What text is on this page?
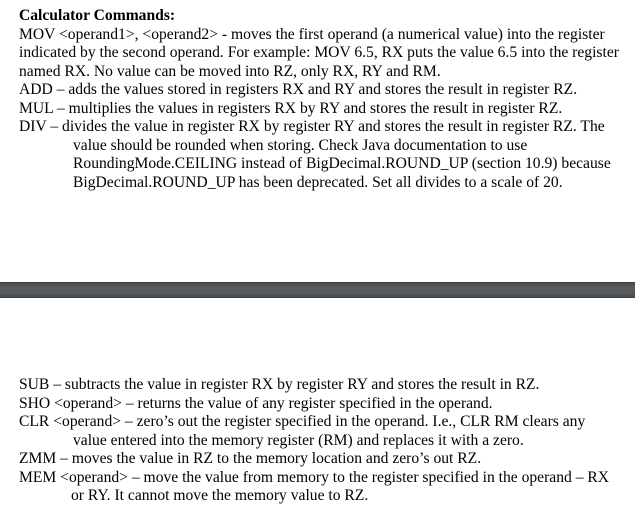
Calculator Commands:

MOV <operand1>, <operand2> - moves the first operand (a numerical value) into the register indicated by the second operand. For example: MOV 6.5, RX puts the value 6.5 into the register named RX. No value can be moved into RZ, only RX, RY and RM.

ADD – adds the values stored in registers RX and RY and stores the result in register RZ.

MUL – multiplies the values in registers RX by RY and stores the result in register RZ.

DIV – divides the value in register RX by register RY and stores the result in register RZ. The value should be rounded when storing. Check Java documentation to use RoundingMode.CEILING instead of BigDecimal.ROUND_UP (section 10.9) because BigDecimal.ROUND_UP has been deprecated. Set all divides to a scale of 20.

SUB – subtracts the value in register RX by register RY and stores the result in RZ.

SHO <operand> – returns the value of any register specified in the operand.

CLR <operand> – zero’s out the register specified in the operand. I.e., CLR RM clears any value entered into the memory register (RM) and replaces it with a zero.

ZMM – moves the value in RZ to the memory location and zero’s out RZ.

MEM <operand> – move the value from memory to the register specified in the operand – RX or RY. It cannot move the memory value to RZ.
